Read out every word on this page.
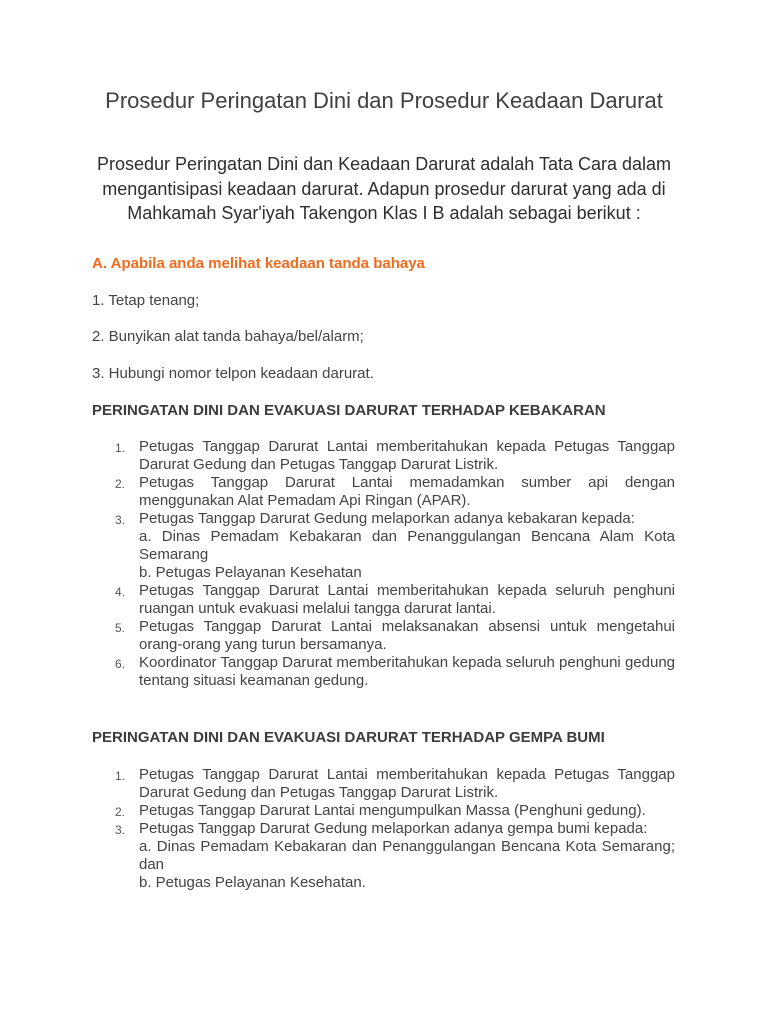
Prosedur Peringatan Dini dan Prosedur Keadaan Darurat

Prosedur Peringatan Dini dan Keadaan Darurat adalah Tata Cara dalam mengantisipasi keadaan darurat. Adapun prosedur darurat yang ada di Mahkamah Syar'iyah Takengon Klas I B adalah sebagai berikut :

A. Apabila anda melihat keadaan tanda bahaya

1. Tetap tenang;

2. Bunyikan alat tanda bahaya/bel/alarm;

3. Hubungi nomor telpon keadaan darurat.

PERINGATAN DINI DAN EVAKUASI DARURAT TERHADAP KEBAKARAN

1. Petugas Tanggap Darurat Lantai memberitahukan kepada Petugas Tanggap Darurat Gedung dan Petugas Tanggap Darurat Listrik.
2. Petugas Tanggap Darurat Lantai memadamkan sumber api dengan menggunakan Alat Pemadam Api Ringan (APAR).
3. Petugas Tanggap Darurat Gedung melaporkan adanya kebakaran kepada:
a. Dinas Pemadam Kebakaran dan Penanggulangan Bencana Alam Kota Semarang
b. Petugas Pelayanan Kesehatan
4. Petugas Tanggap Darurat Lantai memberitahukan kepada seluruh penghuni ruangan untuk evakuasi melalui tangga darurat lantai.
5. Petugas Tanggap Darurat Lantai melaksanakan absensi untuk mengetahui orang-orang yang turun bersamanya.
6. Koordinator Tanggap Darurat memberitahukan kepada seluruh penghuni gedung tentang situasi keamanan gedung.

PERINGATAN DINI DAN EVAKUASI DARURAT TERHADAP GEMPA BUMI

1. Petugas Tanggap Darurat Lantai memberitahukan kepada Petugas Tanggap Darurat Gedung dan Petugas Tanggap Darurat Listrik.
2. Petugas Tanggap Darurat Lantai mengumpulkan Massa (Penghuni gedung).
3. Petugas Tanggap Darurat Gedung melaporkan adanya gempa bumi kepada:
a. Dinas Pemadam Kebakaran dan Penanggulangan Bencana Kota Semarang; dan
b. Petugas Pelayanan Kesehatan.
